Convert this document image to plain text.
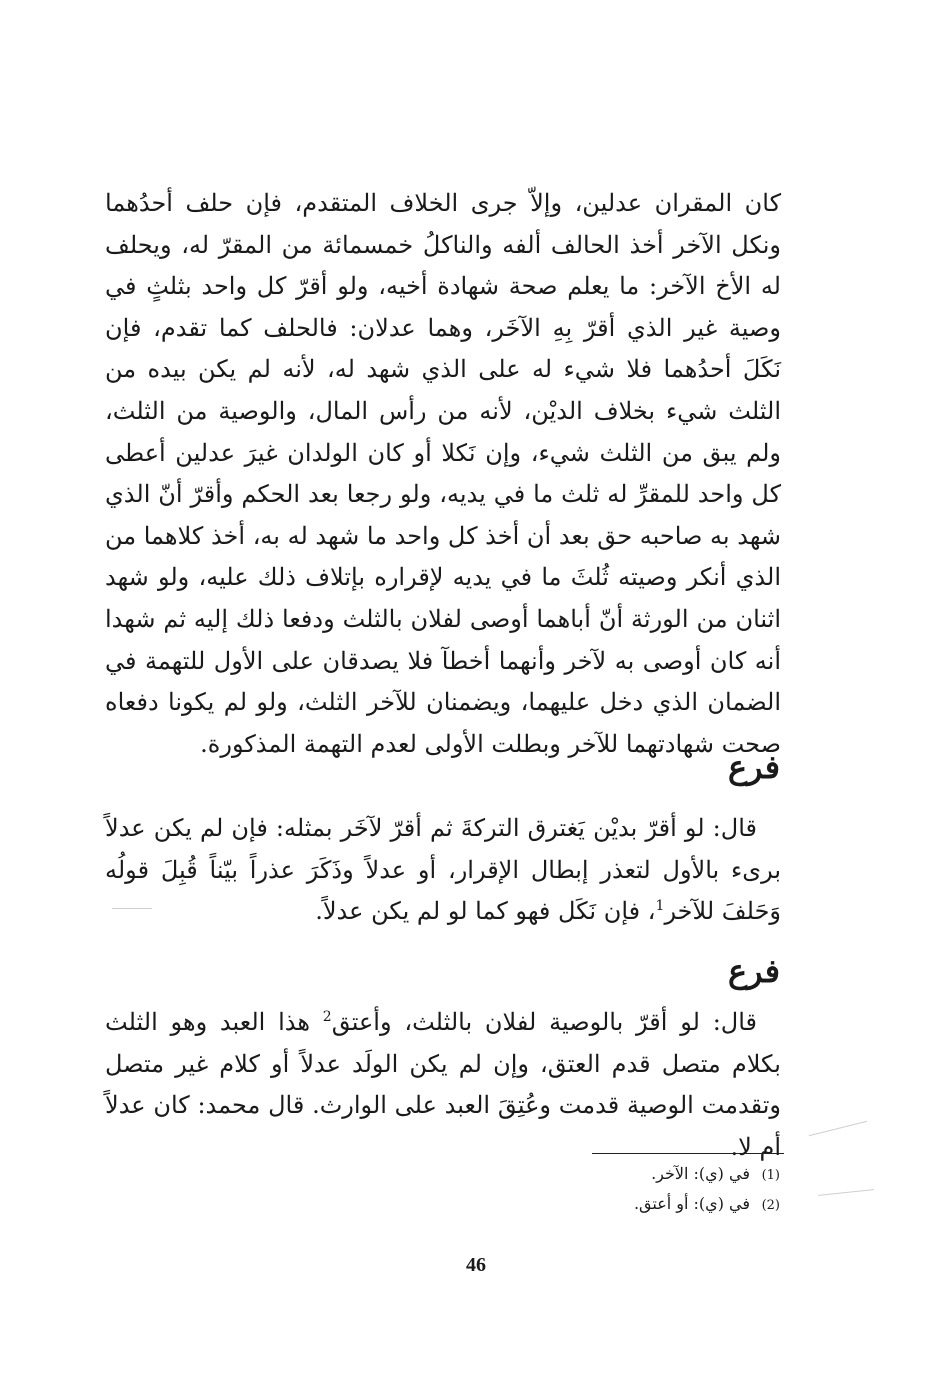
كان المقران عدلين، وإلاّ جرى الخلاف المتقدم، فإن حلف أحدُهما ونكل الآخر أخذ الحالف ألفه والناكلُ خمسمائة من المقرّ له، ويحلف له الأخ الآخر: ما يعلم صحة شهادة أخيه، ولو أقرّ كل واحد بثلثٍ في وصية غير الذي أقرّ بِهِ الآخَر، وهما عدلان: فالحلف كما تقدم، فإن نَكَلَ أحدُهما فلا شيء له على الذي شهد له، لأنه لم يكن بيده من الثلث شيء بخلاف الديْن، لأنه من رأس المال، والوصية من الثلث، ولم يبق من الثلث شيء، وإن نَكلا أو كان الولدان غيرَ عدلين أعطى كل واحد للمقرِّ له ثلث ما في يديه، ولو رجعا بعد الحكم وأقرّ أنّ الذي شهد به صاحبه حق بعد أن أخذ كل واحد ما شهد له به، أخذ كلاهما من الذي أنكر وصيته ثُلثَ ما في يديه لإقراره بإتلاف ذلك عليه، ولو شهد اثنان من الورثة أنّ أباهما أوصى لفلان بالثلث ودفعا ذلك إليه ثم شهدا أنه كان أوصى به لآخر وأنهما أخطآ فلا يصدقان على الأول للتهمة في الضمان الذي دخل عليهما، ويضمنان للآخر الثلث، ولو لم يكونا دفعاه صحت شهادتهما للآخر وبطلت الأولى لعدم التهمة المذكورة.
فرع
قال: لو أقرّ بديْن يَغترق التركةَ ثم أقرّ لآخَر بمثله: فإن لم يكن عدلاً برىء بالأول لتعذر إبطال الإقرار، أو عدلاً وذَكَرَ عذراً بيّناً قُبِلَ قولُه وَحَلفَ للآخر$^1$، فإن نَكَل فهو كما لو لم يكن عدلاً.
فرع
قال: لو أقرّ بالوصية لفلان بالثلث، وأعتق$^2$ هذا العبد وهو الثلث بكلام متصل قدم العتق، وإن لم يكن الولَد عدلاً أو كلام غير متصل وتقدمت الوصية قدمت وعُتِقَ العبد على الوارث. قال محمد: كان عدلاً أم لا.
(1)في (ي): الآخر.
(2)في (ي): أو أعتق.
46
